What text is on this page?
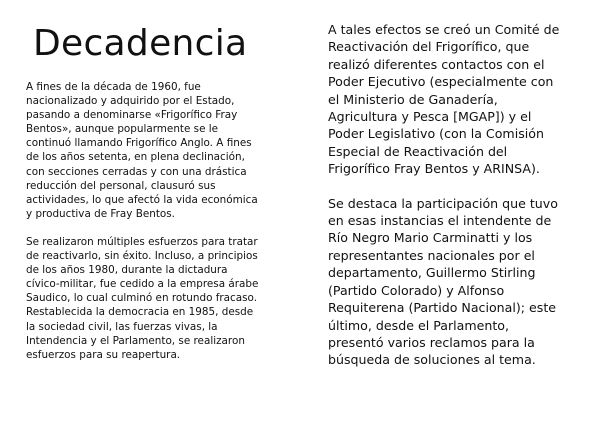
Decadencia

A fines de la década de 1960, fue
nacionalizado y adquirido por el Estado,
pasando a denominarse «Frigorífico Fray
Bentos», aunque popularmente se le
continuó llamando Frigorífico Anglo. A fines
de los años setenta, en plena declinación,
con secciones cerradas y con una drástica
reducción del personal, clausuró sus
actividades, lo que afectó la vida económica
y productiva de Fray Bentos.

Se realizaron múltiples esfuerzos para tratar
de reactivarlo, sin éxito. Incluso, a principios
de los años 1980, durante la dictadura
cívico-militar, fue cedido a la empresa árabe
Saudico, lo cual culminó en rotundo fracaso.
Restablecida la democracia en 1985, desde
la sociedad civil, las fuerzas vivas, la
Intendencia y el Parlamento, se realizaron
esfuerzos para su reapertura.

A tales efectos se creó un Comité de
Reactivación del Frigorífico, que
realizó diferentes contactos con el
Poder Ejecutivo (especialmente con
el Ministerio de Ganadería,
Agricultura y Pesca [MGAP]) y el
Poder Legislativo (con la Comisión
Especial de Reactivación del
Frigorífico Fray Bentos y ARINSA).

Se destaca la participación que tuvo
en esas instancias el intendente de
Río Negro Mario Carminatti y los
representantes nacionales por el
departamento, Guillermo Stirling
(Partido Colorado) y Alfonso
Requiterena (Partido Nacional); este
último, desde el Parlamento,
presentó varios reclamos para la
búsqueda de soluciones al tema.
